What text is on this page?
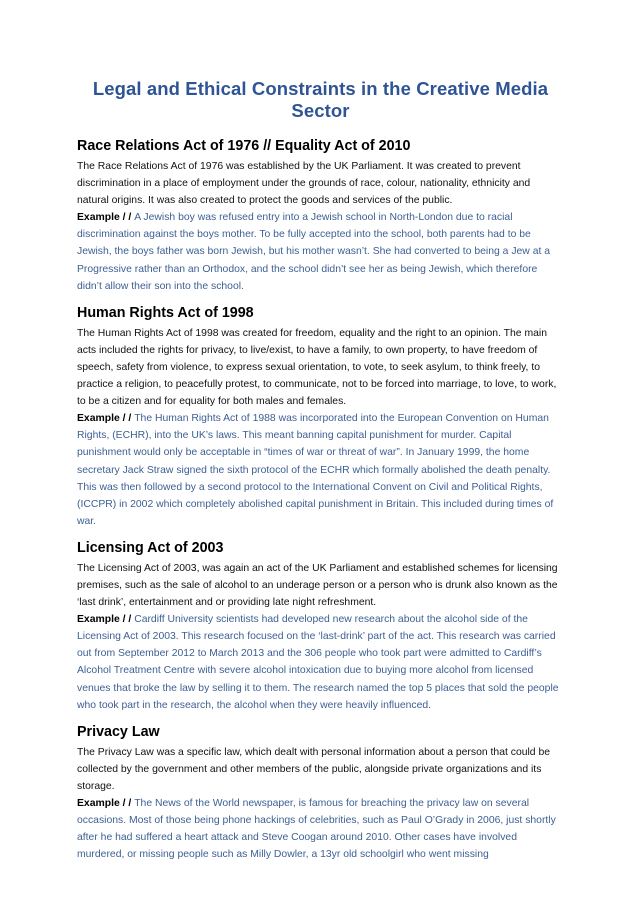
Legal and Ethical Constraints in the Creative Media Sector
Race Relations Act of 1976 // Equality Act of 2010

The Race Relations Act of 1976 was established by the UK Parliament. It was created to prevent discrimination in a place of employment under the grounds of race, colour, nationality, ethnicity and natural origins. It was also created to protect the goods and services of the public.

Example / / A Jewish boy was refused entry into a Jewish school in North-London due to racial discrimination against the boys mother. To be fully accepted into the school, both parents had to be Jewish, the boys father was born Jewish, but his mother wasn’t. She had converted to being a Jew at a Progressive rather than an Orthodox, and the school didn’t see her as being Jewish, which therefore didn’t allow their son into the school.

Human Rights Act of 1998

The Human Rights Act of 1998 was created for freedom, equality and the right to an opinion. The main acts included the rights for privacy, to live/exist, to have a family, to own property, to have freedom of speech, safety from violence, to express sexual orientation, to vote, to seek asylum, to think freely, to practice a religion, to peacefully protest, to communicate, not to be forced into marriage, to love, to work, to be a citizen and for equality for both males and females.

Example / / The Human Rights Act of 1988 was incorporated into the European Convention on Human Rights, (ECHR), into the UK’s laws. This meant banning capital punishment for murder. Capital punishment would only be acceptable in “times of war or threat of war”. In January 1999, the home secretary Jack Straw signed the sixth protocol of the ECHR which formally abolished the death penalty. This was then followed by a second protocol to the International Convent on Civil and Political Rights, (ICCPR) in 2002 which completely abolished capital punishment in Britain. This included during times of war.

Licensing Act of 2003

The Licensing Act of 2003, was again an act of the UK Parliament and established schemes for licensing premises, such as the sale of alcohol to an underage person or a person who is drunk also known as the ‘last drink’, entertainment and or providing late night refreshment.

Example / / Cardiff University scientists had developed new research about the alcohol side of the Licensing Act of 2003. This research focused on the ‘last-drink’ part of the act. This research was carried out from September 2012 to March 2013 and the 306 people who took part were admitted to Cardiff’s Alcohol Treatment Centre with severe alcohol intoxication due to buying more alcohol from licensed venues that broke the law by selling it to them. The research named the top 5 places that sold the people who took part in the research, the alcohol when they were heavily influenced.

Privacy Law

The Privacy Law was a specific law, which dealt with personal information about a person that could be collected by the government and other members of the public, alongside private organizations and its storage.

Example / / The News of the World newspaper, is famous for breaching the privacy law on several occasions. Most of those being phone hackings of celebrities, such as Paul O’Grady in 2006, just shortly after he had suffered a heart attack and Steve Coogan around 2010. Other cases have involved murdered, or missing people such as Milly Dowler, a 13yr old schoolgirl who went missing
